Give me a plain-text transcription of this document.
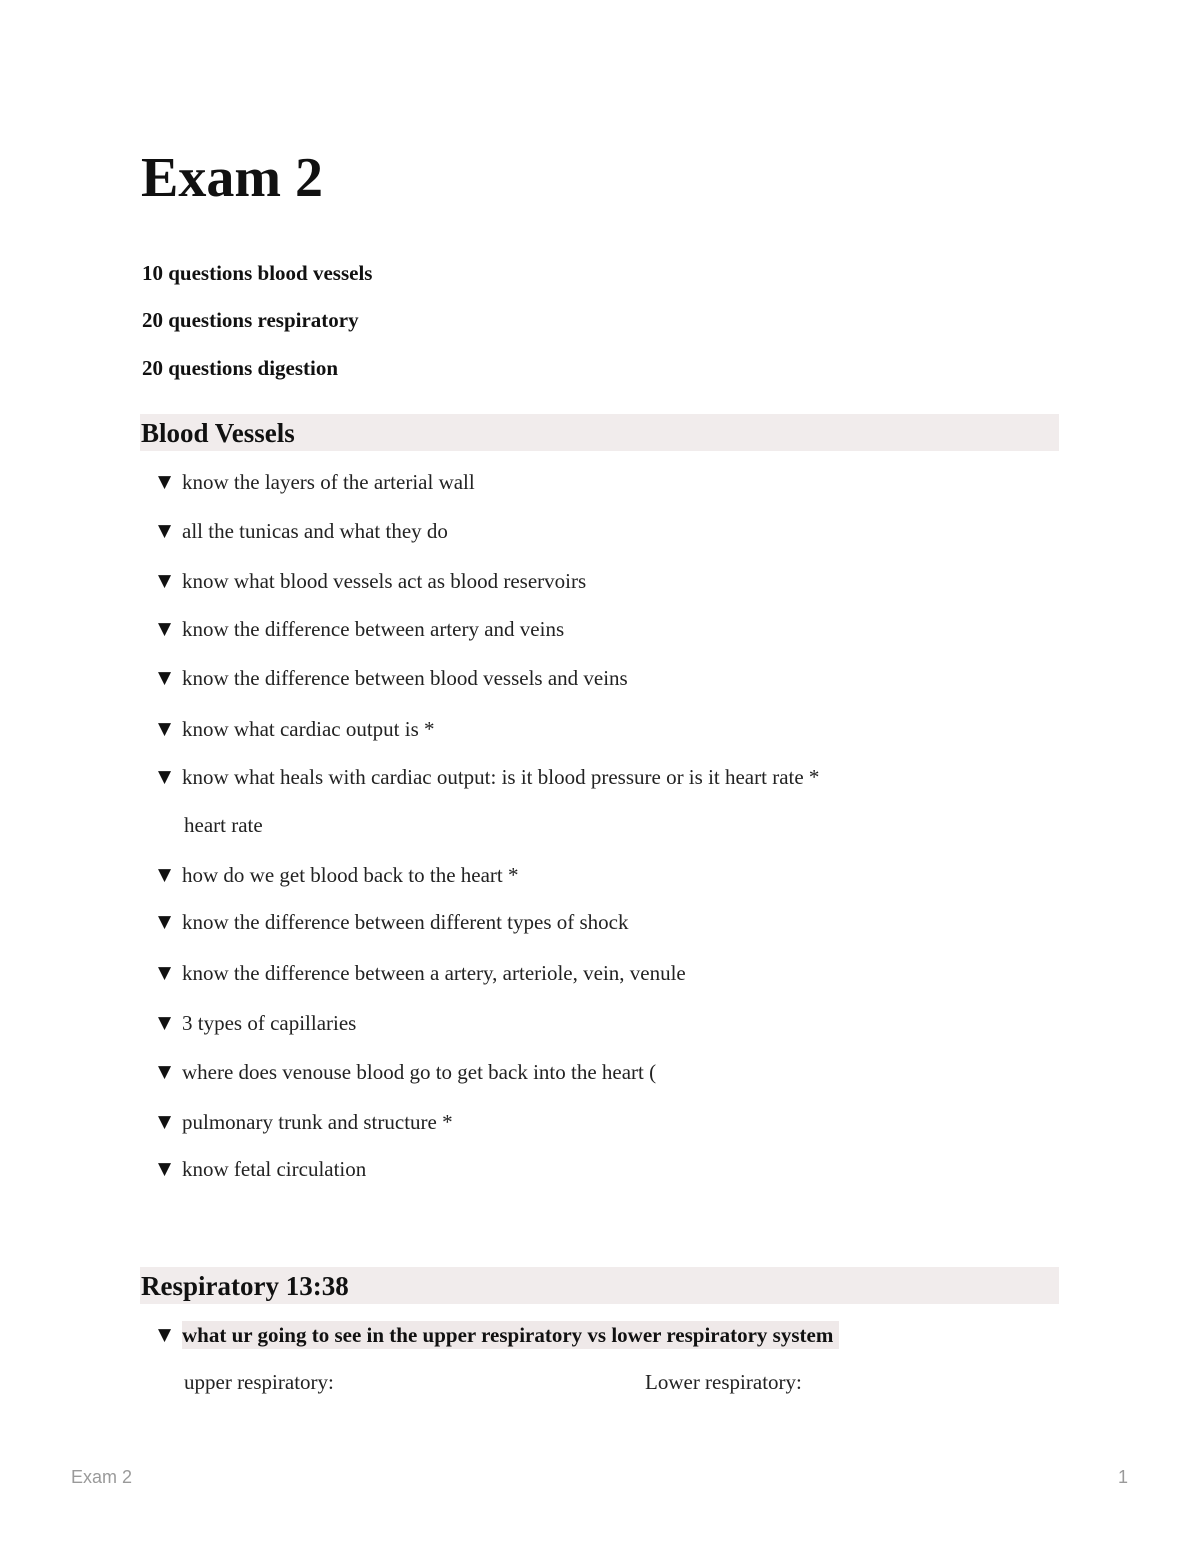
Exam 2

10 questions blood vessels

20 questions respiratory

20 questions digestion

Blood Vessels
▼ know the layers of the arterial wall
▼ all the tunicas and what they do
▼ know what blood vessels act as blood reservoirs
▼ know the difference between artery and veins
▼ know the difference between blood vessels and veins
▼ know what cardiac output is *
▼ know what heals with cardiac output: is it blood pressure or is it heart rate *
heart rate
▼ how do we get blood back to the heart *
▼ know the difference between different types of shock
▼ know the difference between a artery, arteriole, vein, venule
▼ 3 types of capillaries
▼ where does venouse blood go to get back into the heart (
▼ pulmonary trunk and structure *
▼ know fetal circulation
Respiratory 13:38
▼ what ur going to see in the upper respiratory vs lower respiratory system
upper respiratory:	Lower respiratory:
Exam 2	1
